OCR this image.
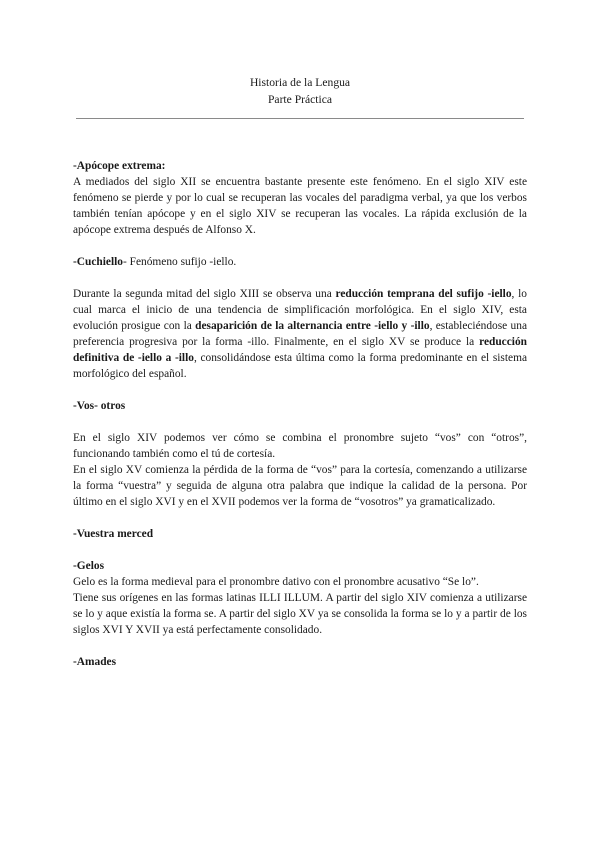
Historia de la Lengua
Parte Práctica

-Apócope extrema:

A mediados del siglo XII se encuentra bastante presente este fenómeno. En el siglo XIV este fenómeno se pierde y por lo cual se recuperan las vocales del paradigma verbal, ya que los verbos también tenían apócope y en el siglo XIV se recuperan las vocales. La rápida exclusión de la apócope extrema después de Alfonso X.

-Cuchiello- Fenómeno sufijo -iello.

Durante la segunda mitad del siglo XIII se observa una reducción temprana del sufijo -iello, lo cual marca el inicio de una tendencia de simplificación morfológica. En el siglo XIV, esta evolución prosigue con la desaparición de la alternancia entre -iello y -illo, estableciéndose una preferencia progresiva por la forma -illo. Finalmente, en el siglo XV se produce la reducción definitiva de -iello a -illo, consolidándose esta última como la forma predominante en el sistema morfológico del español.

-Vos- otros

En el siglo XIV podemos ver cómo se combina el pronombre sujeto “vos” con “otros”, funcionando también como el tú de cortesía.

En el siglo XV comienza la pérdida de la forma de “vos” para la cortesía, comenzando a utilizarse la forma “vuestra” y seguida de alguna otra palabra que indique la calidad de la persona. Por último en el siglo XVI y en el XVII podemos ver la forma de “vosotros” ya gramaticalizado.

-Vuestra merced

-Gelos

Gelo es la forma medieval para el pronombre dativo con el pronombre acusativo “Se lo”.

Tiene sus orígenes en las formas latinas ILLI ILLUM. A partir del siglo XIV comienza a utilizarse se lo y aque existía la forma se. A partir del siglo XV ya se consolida la forma se lo y a partir de los siglos XVI Y XVII ya está perfectamente consolidado.

-Amades
